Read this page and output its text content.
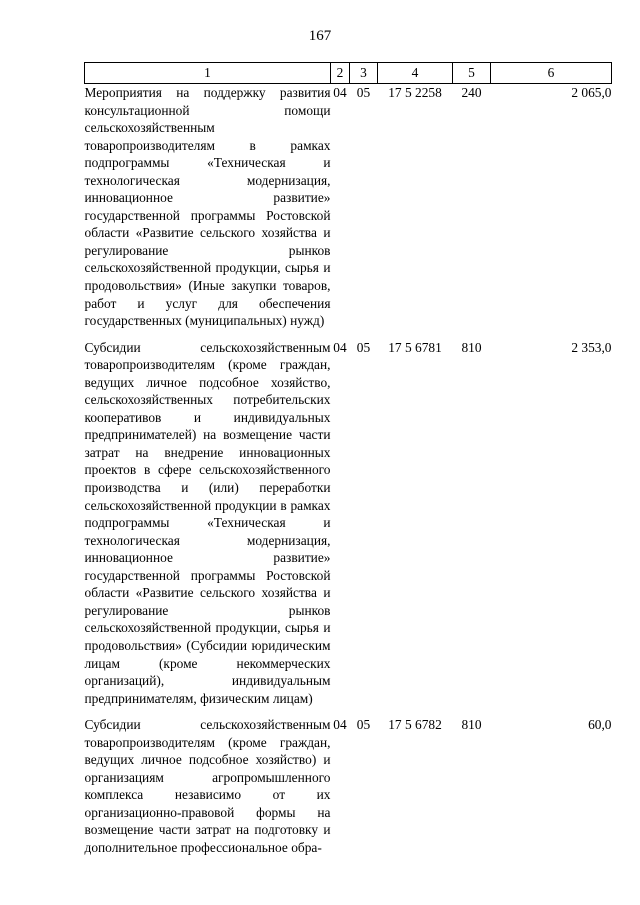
167
1	2	3	4	5	6
Мероприятия на поддержку развития консультационной помощи сельскохозяйственным товаропроизводителям в рамках подпрограммы «Техническая и технологическая модернизация, инновационное развитие» государственной программы Ростовской области «Развитие сельского хозяйства и регулирование рынков сельскохозяйственной продукции, сырья и продовольствия» (Иные закупки товаров, работ и услуг для обеспечения государственных (муниципальных) нужд)	04	05	17 5 2258	240	2 065,0
Субсидии сельскохозяйственным товаропроизводителям (кроме граждан, ведущих личное подсобное хозяйство, сельскохозяйственных потребительских кооперативов и индивидуальных предпринимателей) на возмещение части затрат на внедрение инновационных проектов в сфере сельскохозяйственного производства и (или) переработки сельскохозяйственной продукции в рамках подпрограммы «Техническая и технологическая модернизация, инновационное развитие» государственной программы Ростовской области «Развитие сельского хозяйства и регулирование рынков сельскохозяйственной продукции, сырья и продовольствия» (Субсидии юридическим лицам (кроме некоммерческих организаций), индивидуальным предпринимателям, физическим лицам)	04	05	17 5 6781	810	2 353,0
Субсидии сельскохозяйственным товаропроизводителям (кроме граждан, ведущих личное подсобное хозяйство) и организациям агропромышленного комплекса независимо от их организационно-правовой формы на возмещение части затрат на подготовку и дополнительное профессиональное обра-	04	05	17 5 6782	810	60,0
